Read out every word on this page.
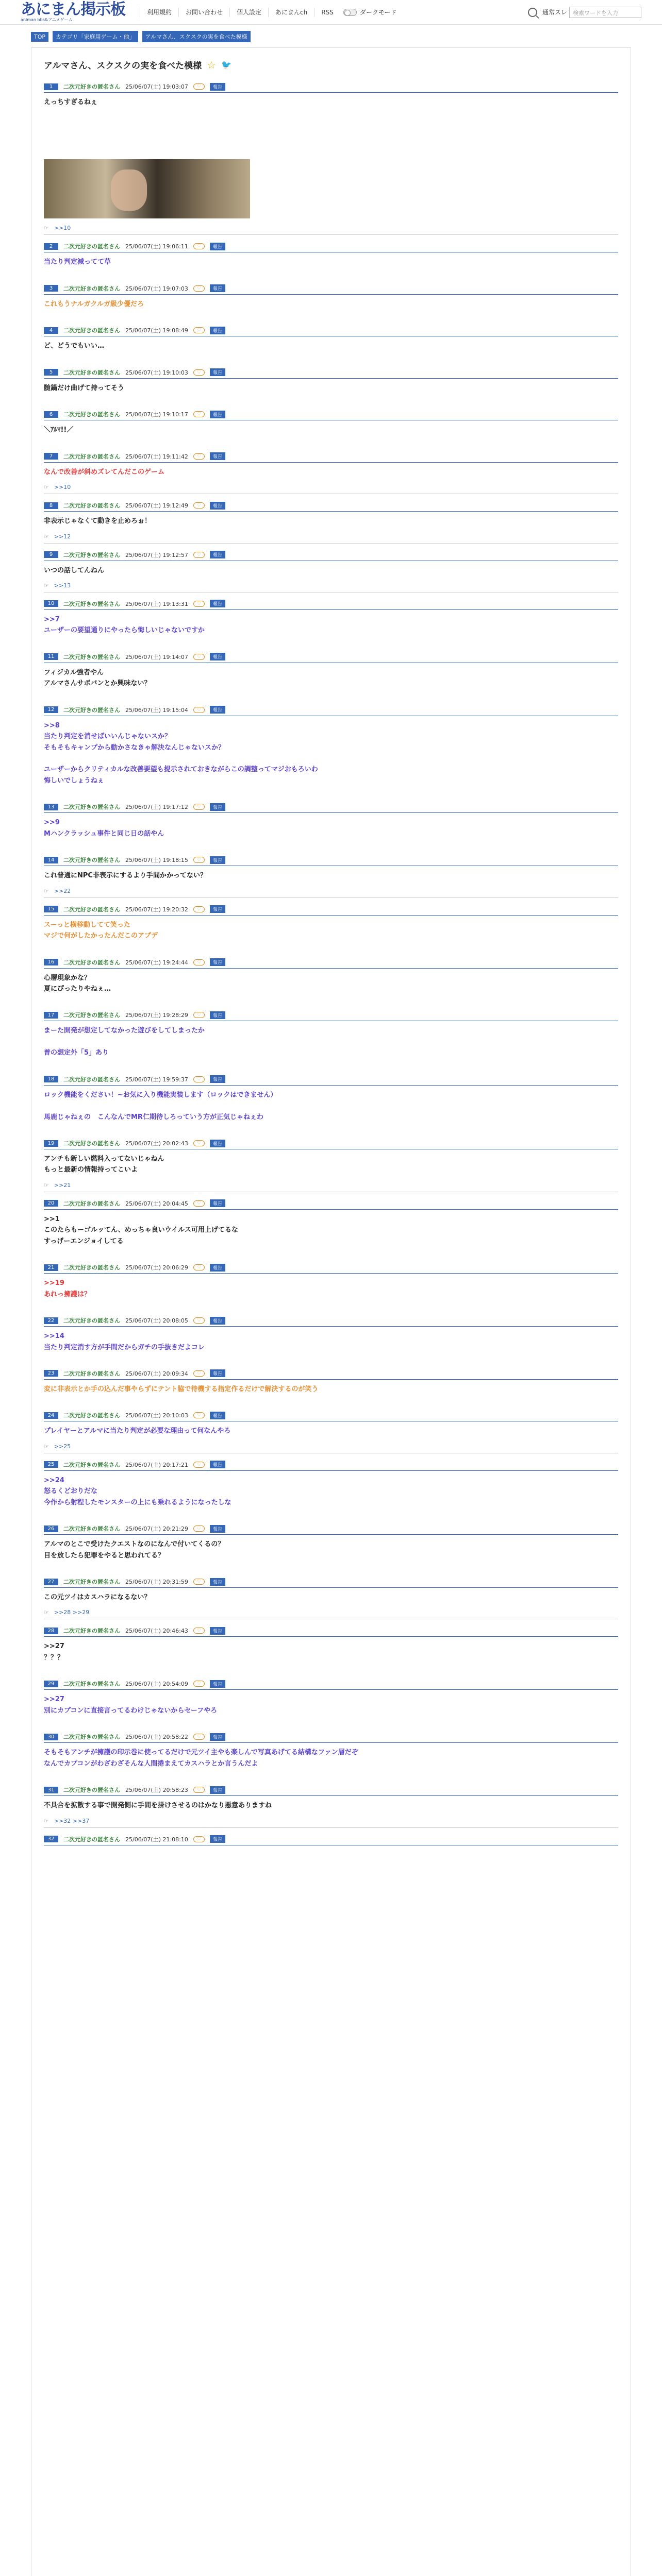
あにまん掲示板
animan bbs&アニメゲーム
利用規約	お問い合わせ	個人設定	あにまんch	RSS	ダークモード	通常スレ	検索ワードを入力
TOP	カテゴリ「家庭用ゲーム・他」	アルマさん、スクスクの実を食べた模様
アルマさん、スクスクの実を食べた模様 ☆ 🐦
1	二次元好きの匿名さん 25/06/07(土) 19:03:07	♡	報告
えっちすぎるねぇ
☞ >>10
2	二次元好きの匿名さん 25/06/07(土) 19:06:11	♡	報告
当たり判定減ってて草
3	二次元好きの匿名さん 25/06/07(土) 19:07:03	♡	報告
これもうナルガクルガ級少優だろ
4	二次元好きの匿名さん 25/06/07(土) 19:08:49	♡	報告
ど、どうでもいい…
5	二次元好きの匿名さん 25/06/07(土) 19:10:03	♡	報告
髄鍋だけ曲げて持ってそう
6	二次元好きの匿名さん 25/06/07(土) 19:10:17	♡	報告
＼ｱﾙﾏ!!／
7	二次元好きの匿名さん 25/06/07(土) 19:11:42	♡	報告
なんで改善が斜めズレてんだこのゲーム
☞ >>10
8	二次元好きの匿名さん 25/06/07(土) 19:12:49	♡	報告
非表示じゃなくて動きを止めろぉ！
☞ >>12
9	二次元好きの匿名さん 25/06/07(土) 19:12:57	♡	報告
いつの話してんねん
☞ >>13
10	二次元好きの匿名さん 25/06/07(土) 19:13:31	♡	報告
>>7
ユーザーの要望通りにやったら悔しいじゃないですか
11	二次元好きの匿名さん 25/06/07(土) 19:14:07	♡	報告
フィジカル強者やん
アルマさんサボバンとか興味ない？
12	二次元好きの匿名さん 25/06/07(土) 19:15:04	♡	報告
>>8
当たり判定を消せばいいんじゃないスか？
そもそもキャンプから動かさなきゃ解決なんじゃないスか？

ユーザーからクリティカルな改善要望も提示されておきながらこの調整ってマジおもろいわ
悔しいでしょうねぇ
13	二次元好きの匿名さん 25/06/07(土) 19:17:12	♡	報告
>>9
Mハンクラッシュ事件と同じ日の話やん
14	二次元好きの匿名さん 25/06/07(土) 19:18:15	♡	報告
これ普通にNPC非表示にするより手間かかってない？
☞ >>22
15	二次元好きの匿名さん 25/06/07(土) 19:20:32	♡	報告
スーっと横移動してて笑った
マジで何がしたかったんだこのアプデ
16	二次元好きの匿名さん 25/06/07(土) 19:24:44	♡	報告
心層現象かな？
夏にぴったりやねぇ…
17	二次元好きの匿名さん 25/06/07(土) 19:28:29	♡	報告
まーた開発が想定してなかった遊びをしてしまったか

普の想定外「5」あり
18	二次元好きの匿名さん 25/06/07(土) 19:59:37	♡	報告
ロック機能をください！~お気に入り機能実装します（ロックはできません）

馬鹿じゃねぇの　こんなんでMR仁期待しろっていう方が正気じゃねぇわ
19	二次元好きの匿名さん 25/06/07(土) 20:02:43	♡	報告
アンチも新しい燃料入ってないじゃねん
もっと最新の情報持ってこいよ
☞ >>21
20	二次元好きの匿名さん 25/06/07(土) 20:04:45	♡	報告
>>1
このたらもーゴルッてん、めっちゃ良いウイルス可用上げてるな
すっげーエンジョイしてる
21	二次元好きの匿名さん 25/06/07(土) 20:06:29	♡	報告
>>19
あれっ擁護は？
22	二次元好きの匿名さん 25/06/07(土) 20:08:05	♡	報告
>>14
当たり判定消す方が手間だからガチの手抜きだよコレ
23	二次元好きの匿名さん 25/06/07(土) 20:09:34	♡	報告
変に非表示とか手の込んだ事やらずにテント脇で待機する指定作るだけで解決するのが笑う
24	二次元好きの匿名さん 25/06/07(土) 20:10:03	♡	報告
プレイヤーとアルマに当たり判定が必要な理由って何なんやろ
☞ >>25
25	二次元好きの匿名さん 25/06/07(土) 20:17:21	♡	報告
>>24
怒るくどおりだな
今作から射程したモンスターの上にも乗れるようになったしな
26	二次元好きの匿名さん 25/06/07(土) 20:21:29	♡	報告
アルマのとこで受けたクエストなのになんで付いてくるの？
目を放したら犯罪をやると思われてる？
27	二次元好きの匿名さん 25/06/07(土) 20:31:59	♡	報告
この元ツイはカスハラになるない？
☞ >>28 >>29
28	二次元好きの匿名さん 25/06/07(土) 20:46:43	♡	報告
>>27
？？？
29	二次元好きの匿名さん 25/06/07(土) 20:54:09	♡	報告
>>27
別にカプコンに直接言ってるわけじゃないからセーフやろ
30	二次元好きの匿名さん 25/06/07(土) 20:58:22	♡	報告
そもそもアンチが擁護の印示巻に使ってるだけで元ツイ主やも楽しんで写真あげてる結構なファン層だぞ
なんでカプコンがわざわざそんな人間捲まえてカスハラとか言うんだよ
31	二次元好きの匿名さん 25/06/07(土) 20:58:23	♡	報告
不具合を拡散する事で開発側に手間を掛けさせるのはかなり悪意ありますね
☞ >>32 >>37
32	二次元好きの匿名さん 25/06/07(土) 21:08:10	♡	報告
